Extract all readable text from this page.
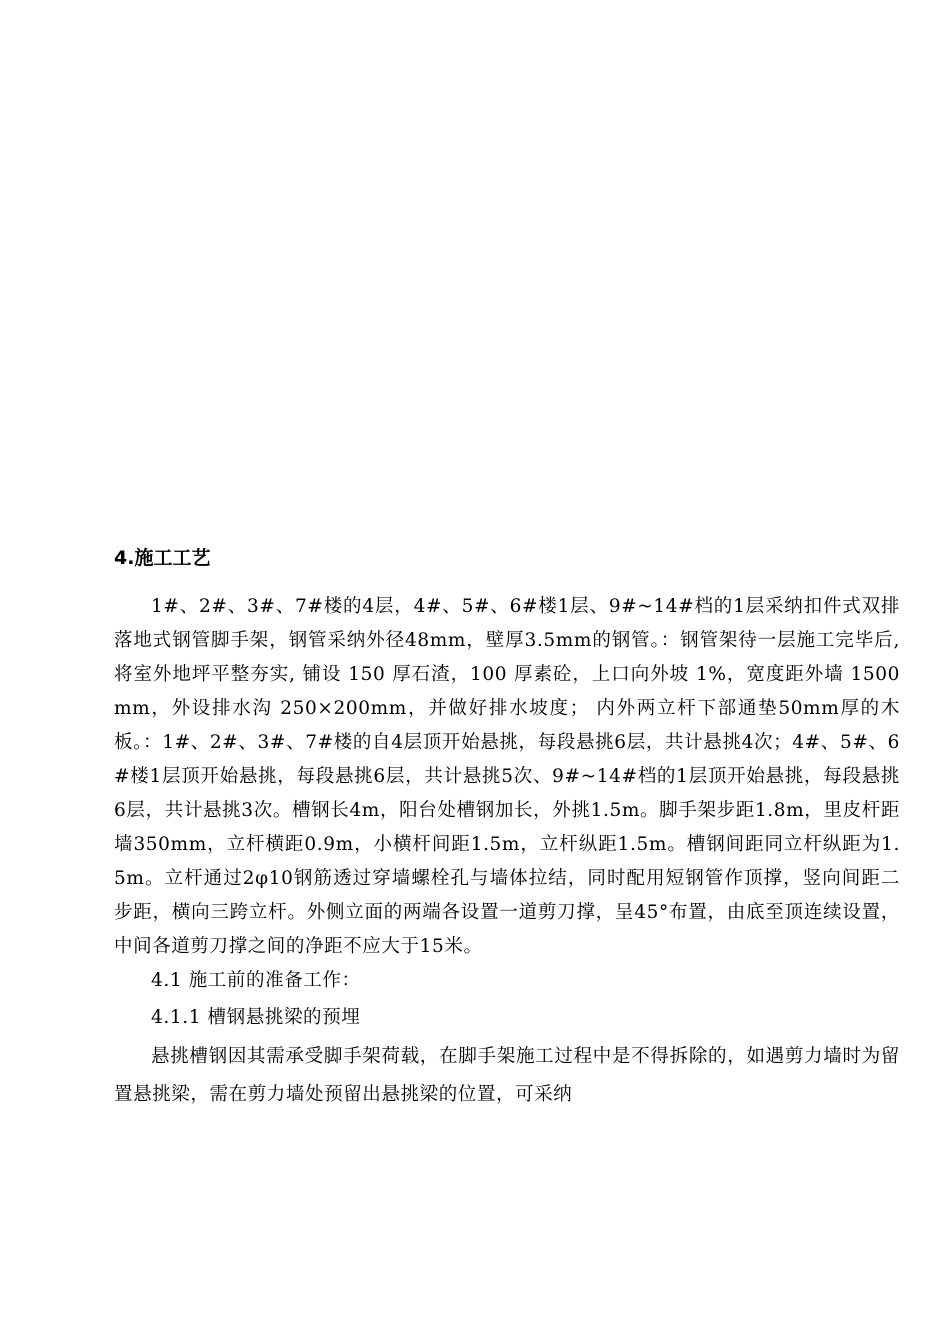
4.施工工艺

1#、2#、3#、7#楼的4层，4#、5#、6#楼1层、9#~14#档的1层采纳扣件式双排落地式钢管脚手架，钢管采纳外径48mm，壁厚3.5mm的钢管。：钢管架待一层施工完毕后,将室外地坪平整夯实, 铺设 150 厚石渣，100 厚素砼，上口向外坡 1%，宽度距外墙 1500mm，外设排水沟 250×200mm，并做好排水坡度； 内外两立杆下部通垫50mm厚的木板。：1#、2#、3#、7#楼的自4层顶开始悬挑，每段悬挑6层，共计悬挑4次；4#、5#、6#楼1层顶开始悬挑，每段悬挑6层，共计悬挑5次、9#~14#档的1层顶开始悬挑，每段悬挑6层，共计悬挑3次。槽钢长4m，阳台处槽钢加长，外挑1.5m。脚手架步距1.8m，里皮杆距墙350mm，立杆横距0.9m，小横杆间距1.5m，立杆纵距1.5m。槽钢间距同立杆纵距为1.5m。立杆通过2φ10钢筋透过穿墙螺栓孔与墙体拉结，同时配用短钢管作顶撑，竖向间距二步距，横向三跨立杆。外侧立面的两端各设置一道剪刀撑，呈45°布置，由底至顶连续设置，中间各道剪刀撑之间的净距不应大于15米。

4.1 施工前的准备工作：

4.1.1 槽钢悬挑梁的预埋

悬挑槽钢因其需承受脚手架荷载，在脚手架施工过程中是不得拆除的，如遇剪力墙时为留置悬挑梁，需在剪力墙处预留出悬挑梁的位置，可采纳
